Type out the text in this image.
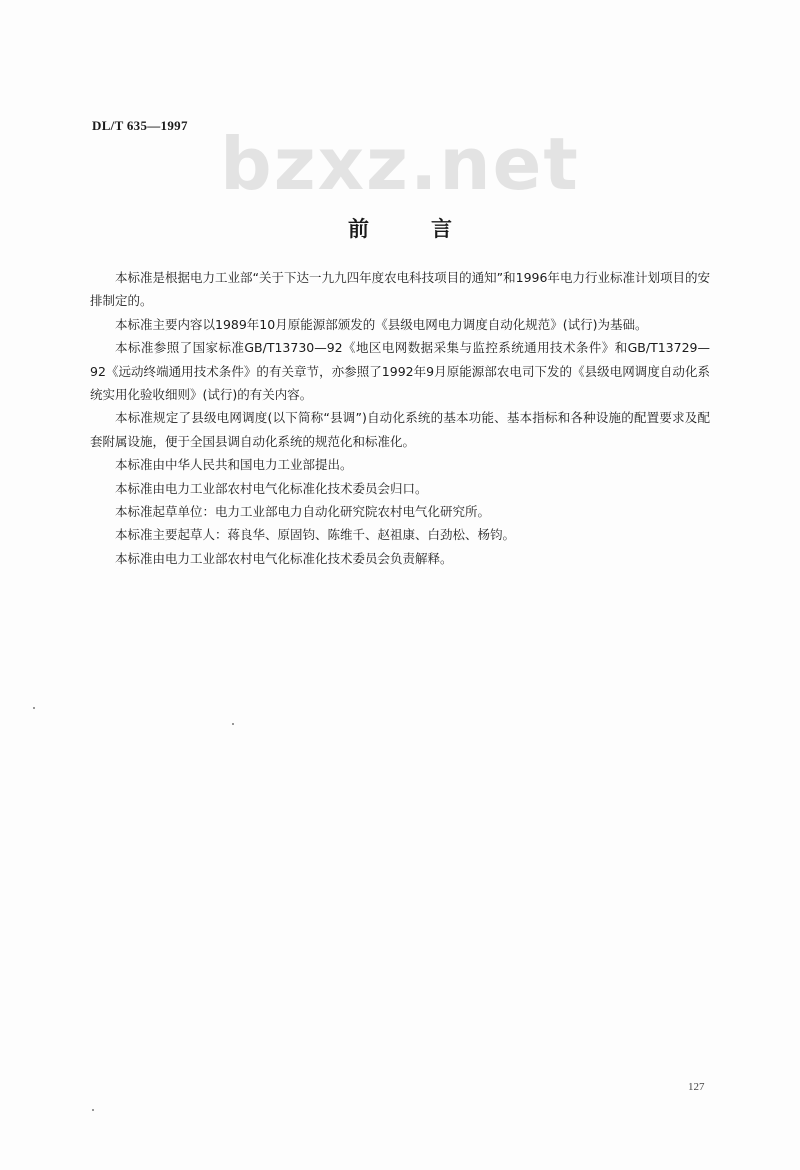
DL/T 635—1997 bzxz.net
前言

本标准是根据电力工业部“关于下达一九九四年度农电科技项目的通知”和1996年电力行业标准计划项目的安排制定的。

本标准主要内容以1989年10月原能源部颁发的《县级电网电力调度自动化规范》(试行)为基础。

本标准参照了国家标准GB/T13730—92《地区电网数据采集与监控系统通用技术条件》和GB/T13729—92《远动终端通用技术条件》的有关章节，亦参照了1992年9月原能源部农电司下发的《县级电网调度自动化系统实用化验收细则》(试行)的有关内容。

本标准规定了县级电网调度(以下简称“县调”)自动化系统的基本功能、基本指标和各种设施的配置要求及配套附属设施，便于全国县调自动化系统的规范化和标准化。

本标准由中华人民共和国电力工业部提出。

本标准由电力工业部农村电气化标准化技术委员会归口。

本标准起草单位：电力工业部电力自动化研究院农村电气化研究所。

本标准主要起草人：蒋良华、原固钧、陈维千、赵祖康、白劲松、杨钧。

本标准由电力工业部农村电气化标准化技术委员会负责解释。

127
